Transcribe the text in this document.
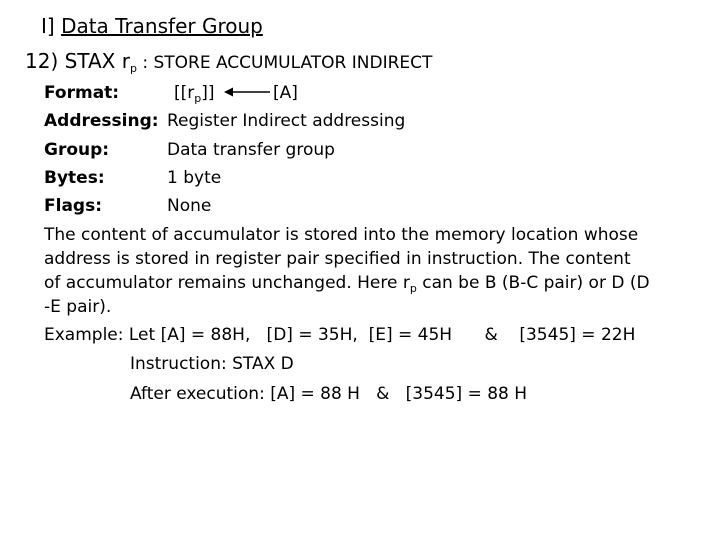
I] Data Transfer Group
12) STAX $r_p$ : STORE ACCUMULATOR INDIRECT
Format:	$[[r_p]]$	[A]
Addressing: Register Indirect addressing
Group:	Data transfer group
Bytes:	1 byte
Flags:	None
The content of accumulator is stored into the memory location whose
address is stored in register pair specified in instruction. The content
of accumulator remains unchanged. Here $r_p$ can be B (B-C pair) or D (D
-E pair).
Example: Let [A] = 88H,   [D] = 35H,  [E] = 45H      &    [3545] = 22H
Instruction: STAX D
After execution: [A] = 88 H   &   [3545] = 88 H
